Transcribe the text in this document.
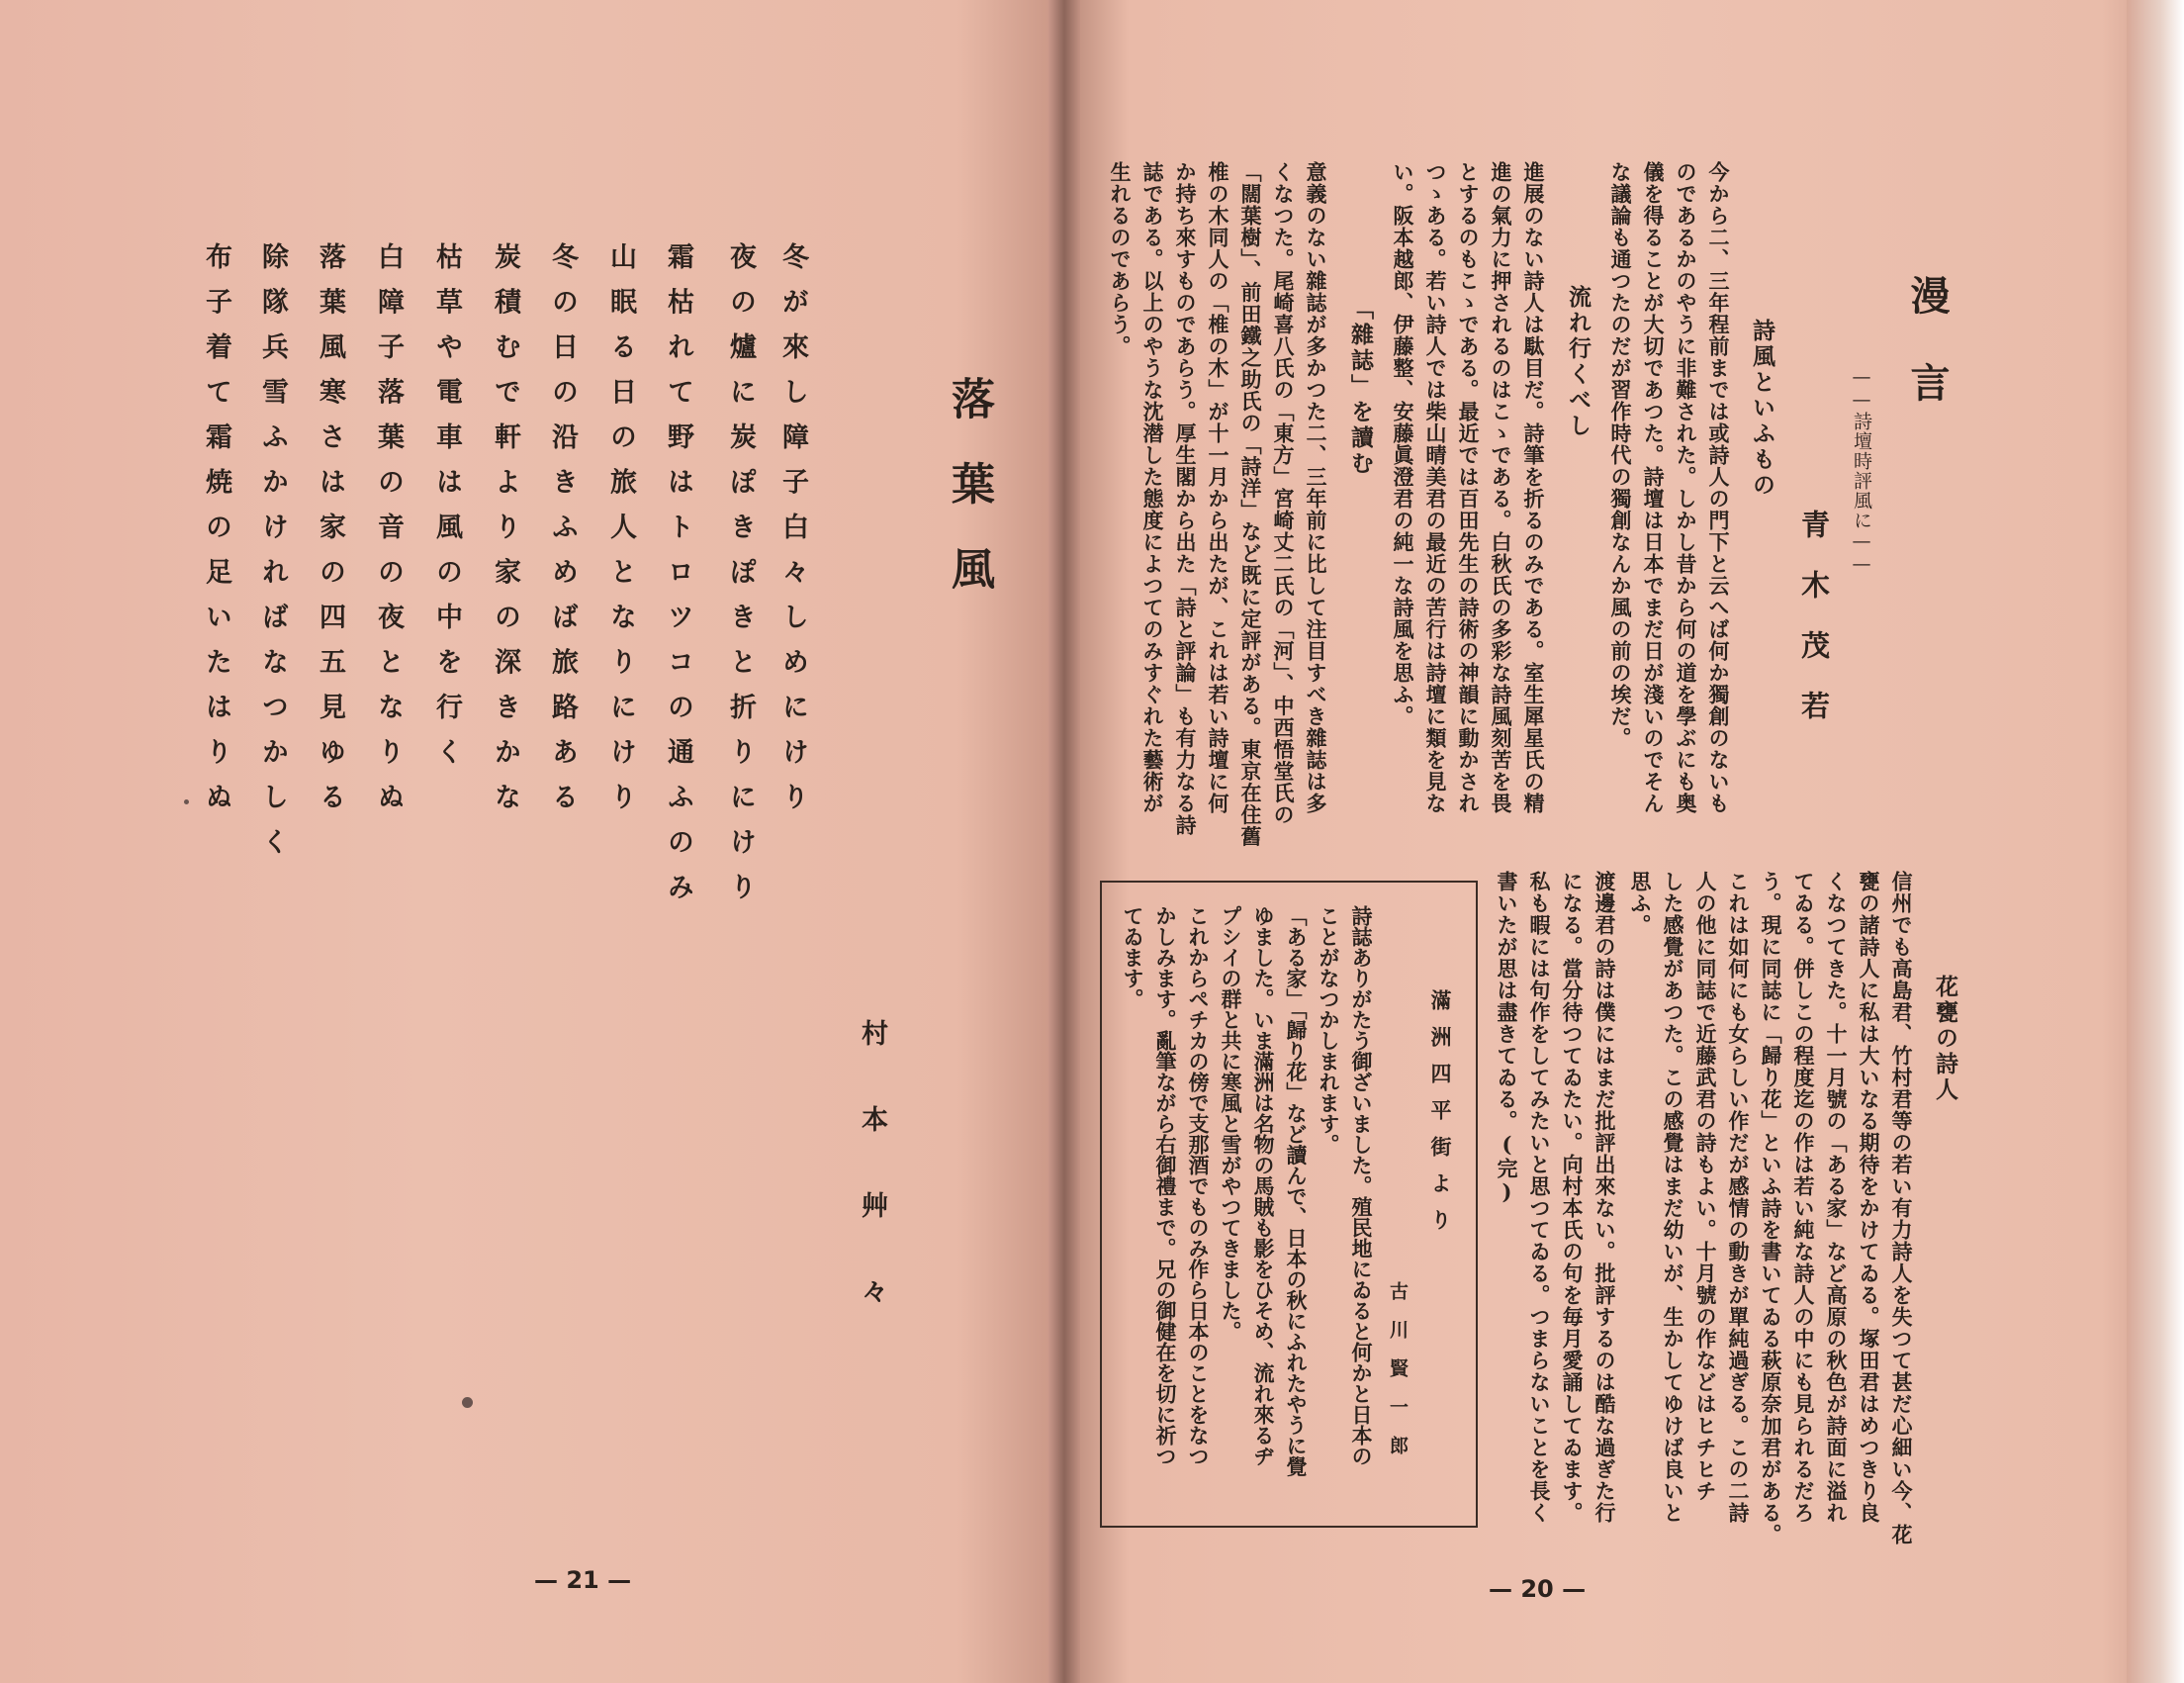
落葉風
村本艸々
冬が來し障子白々しめにけり
夜の爐に炭ぽきぽきと折りにけり
霜枯れて野はトロツコの通ふのみ
山眠る日の旅人となりにけり
冬の日の沿きふめば旅路ある
炭積むで軒より家の深きかな
枯草や電車は風の中を行く
白障子落葉の音の夜となりぬ
落葉風寒さは家の四五見ゆる
除隊兵雪ふかければなつかしく
布子着て霜焼の足いたはりぬ
— 21 —
漫言
——詩壇時評風に——
青木茂若
詩風といふもの
今から二、三年程前までは或詩人の門下と云へば何か獨創のないも
のであるかのやうに非難された。しかし昔から何の道を學ぶにも奥
儀を得ることが大切であつた。詩壇は日本でまだ日が淺いのでそん
な議論も通つたのだが習作時代の獨創なんか風の前の埃だ。
流れ行くべし
進展のない詩人は駄目だ。詩筆を折るのみである。室生犀星氏の精
進の氣力に押されるのはこゝである。白秋氏の多彩な詩風刻苦を畏
とするのもこゝである。最近では百田先生の詩術の神韻に動かされ
つゝある。若い詩人では柴山晴美君の最近の苦行は詩壇に類を見な
い。阪本越郎、伊藤整、安藤眞澄君の純一な詩風を思ふ。
「雜誌」を讀む
意義のない雜誌が多かつた二、三年前に比して注目すべき雜誌は多
くなつた。尾崎喜八氏の「東方」宮崎丈二氏の「河」、中西悟堂氏の
「闊葉樹」、前田鐵之助氏の「詩洋」など既に定評がある。東京在住舊
椎の木同人の「椎の木」が十一月から出たが、これは若い詩壇に何
か持ち來すものであらう。厚生閣から出た「詩と評論」も有力なる詩
誌である。以上のやうな沈潜した態度によつてのみすぐれた藝術が
生れるのであらう。
花甕の詩人
信州でも高島君、竹村君等の若い有力詩人を失つて甚だ心細い今、花
甕の諸詩人に私は大いなる期待をかけてゐる。塚田君はめつきり良
くなつてきた。十一月號の「ある家」など高原の秋色が詩面に溢れ
てゐる。併しこの程度迄の作は若い純な詩人の中にも見られるだろ
う。現に同誌に「歸り花」といふ詩を書いてゐる萩原奈加君がある。
これは如何にも女らしい作だが感情の動きが單純過ぎる。この二詩
人の他に同誌で近藤武君の詩もよい。十月號の作などはヒチヒチ
した感覺があつた。この感覺はまだ幼いが、生かしてゆけば良いと
思ふ。
渡邊君の詩は僕にはまだ批評出來ない。批評するのは酷な過ぎた行
になる。當分待つてゐたい。向村本氏の句を毎月愛誦してゐます。
私も暇には句作をしてみたいと思つてゐる。つまらないことを長く
書いたが思は盡きてゐる。(完)
滿洲四平街より
古川賢一郎
詩誌ありがたう御ざいました。殖民地にゐると何かと日本の
ことがなつかしまれます。
「ある家」「歸り花」など讀んで、日本の秋にふれたやうに覺
ゆました。いま滿洲は名物の馬賊も影をひそめ、流れ來るヂ
プシイの群と共に寒風と雪がやつてきました。
これからペチカの傍で支那酒でものみ作ら日本のことをなつ
かしみます。亂筆ながら右御禮まで。兄の御健在を切に祈つ
てゐます。
— 20 —
